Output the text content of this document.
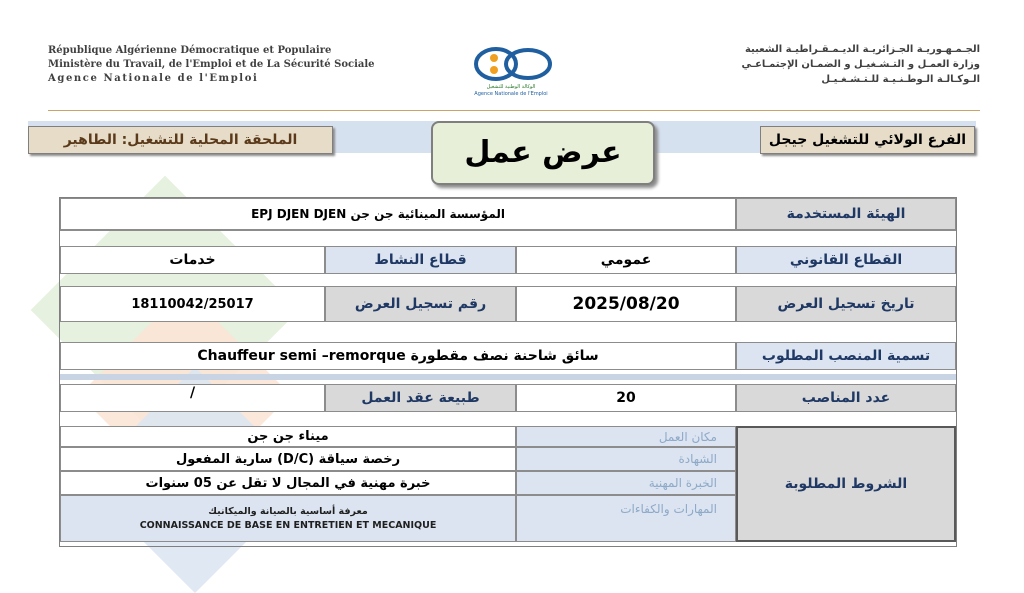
République Algérienne Démocratique et Populaire
Ministère du Travail, de l'Emploi et de La Sécurité Sociale
Agence Nationale de l'Emploi
الوكالة الوطنية للتشغيل
Agence Nationale de l'Emploi
الجـمـهـوريـة الجـزائريـة الديـمـقـراطيـة الشعبية
وزارة العمـل و التـشـغيـل و الضمـان الإجتمـاعـي
الـوكـالـة الـوطـنـيـة للـتـشـغـيـل
الملحقة المحلية للتشغيل: الطاهير	الفرع الولائي للتشغيل جيجل
عرض عمل
الهيئة المستخدمة
المؤسسة المينائية جن جن EPJ DJEN DJEN
القطاع القانوني
عمومي
قطاع النشاط
خدمات
تاريخ تسجيل العرض
2025/08/20
رقم تسجيل العرض
18110042/25017
تسمية المنصب المطلوب
سائق شاحنة نصف مقطورة Chauffeur semi –remorque
عدد المناصب
20
طبيعة عقد العمل
/
الشروط المطلوبة
مكان العمل
ميناء جن جن
الشهادة
رخصة سياقة (D/C) سارية المفعول
الخبرة المهنية
خبرة مهنية في المجال لا تقل عن 05 سنوات
المهارات والكفاءات
معرفة أساسية بالصيانة والميكانيك
CONNAISSANCE DE BASE EN ENTRETIEN ET MECANIQUE
